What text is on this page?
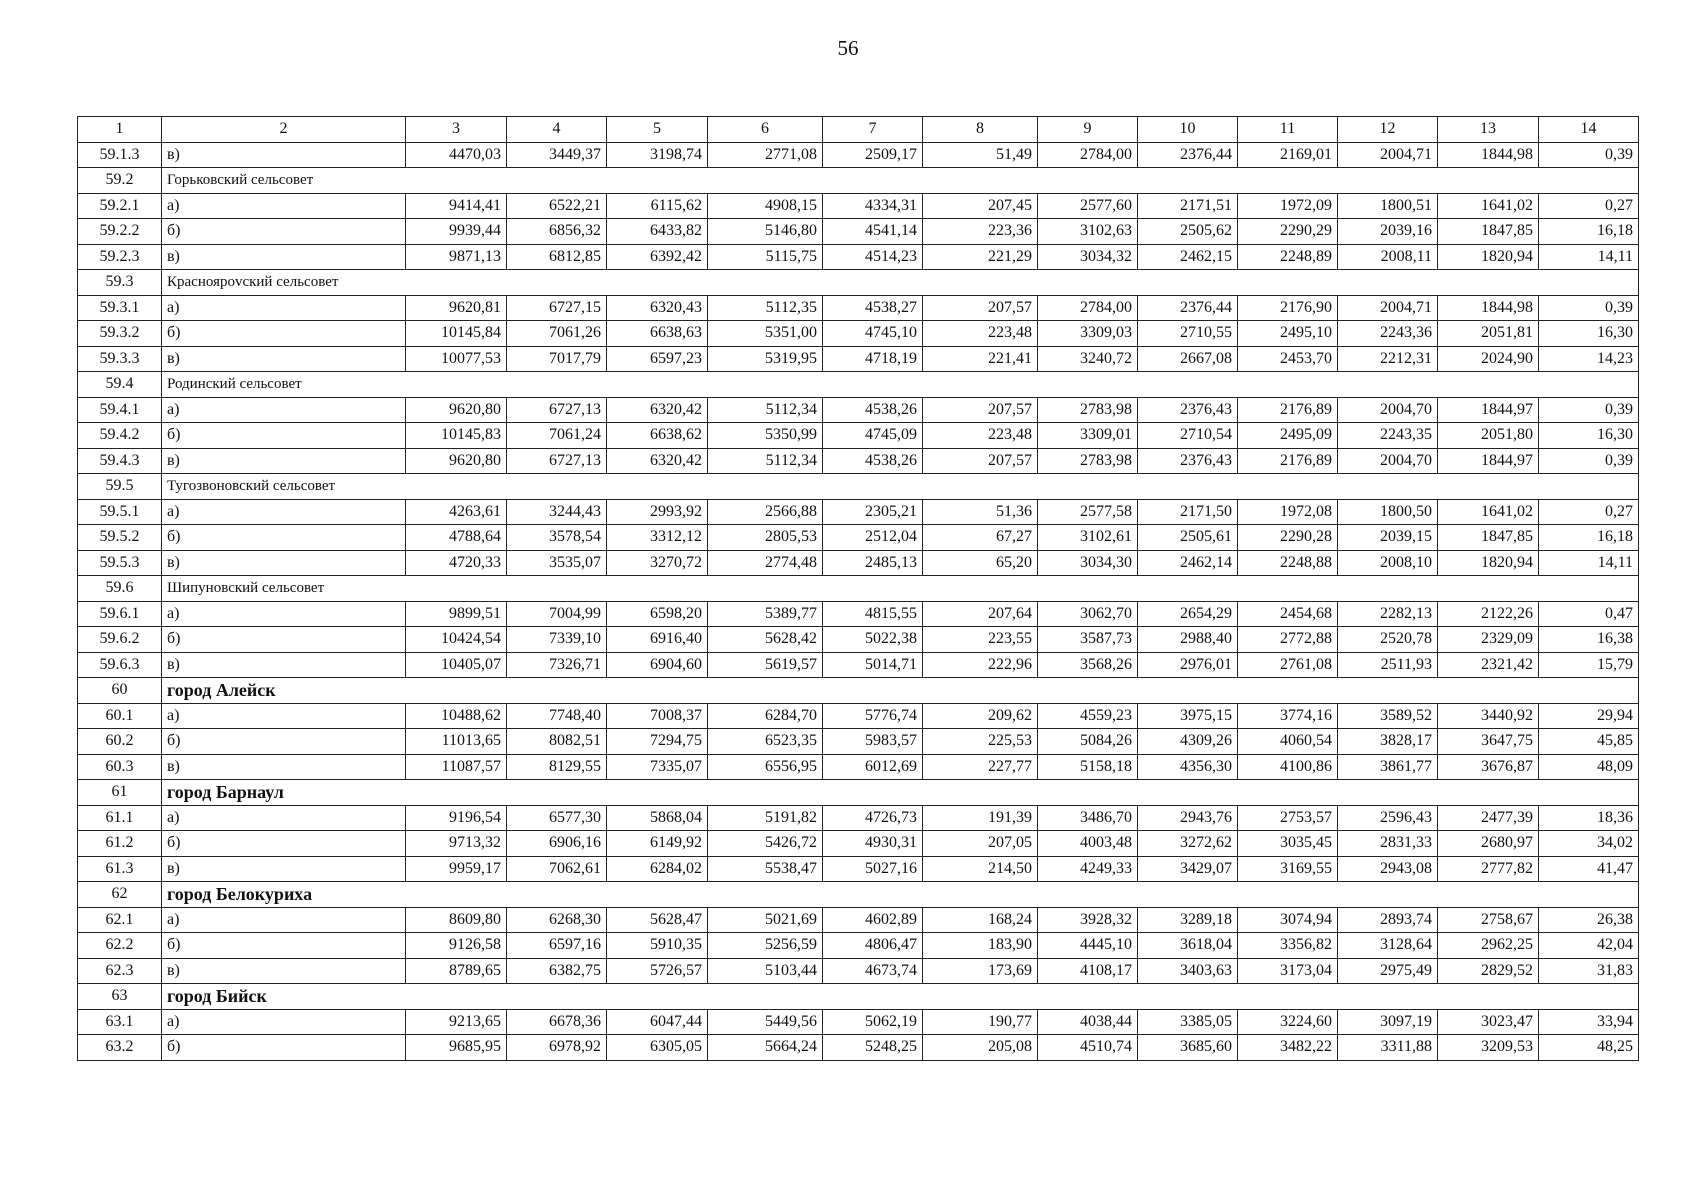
56
1	2	3	4	5	6	7	8	9	10	11	12	13	14
59.1.3	в)	4470,03	3449,37	3198,74	2771,08	2509,17	51,49	2784,00	2376,44	2169,01	2004,71	1844,98	0,39
59.2	Горьковский сельсовет												
59.2.1	а)	9414,41	6522,21	6115,62	4908,15	4334,31	207,45	2577,60	2171,51	1972,09	1800,51	1641,02	0,27
59.2.2	б)	9939,44	6856,32	6433,82	5146,80	4541,14	223,36	3102,63	2505,62	2290,29	2039,16	1847,85	16,18
59.2.3	в)	9871,13	6812,85	6392,42	5115,75	4514,23	221,29	3034,32	2462,15	2248,89	2008,11	1820,94	14,11
59.3	Красноярovский сельсовет												
59.3.1	а)	9620,81	6727,15	6320,43	5112,35	4538,27	207,57	2784,00	2376,44	2176,90	2004,71	1844,98	0,39
59.3.2	б)	10145,84	7061,26	6638,63	5351,00	4745,10	223,48	3309,03	2710,55	2495,10	2243,36	2051,81	16,30
59.3.3	в)	10077,53	7017,79	6597,23	5319,95	4718,19	221,41	3240,72	2667,08	2453,70	2212,31	2024,90	14,23
59.4	Родинский сельсовет												
59.4.1	а)	9620,80	6727,13	6320,42	5112,34	4538,26	207,57	2783,98	2376,43	2176,89	2004,70	1844,97	0,39
59.4.2	б)	10145,83	7061,24	6638,62	5350,99	4745,09	223,48	3309,01	2710,54	2495,09	2243,35	2051,80	16,30
59.4.3	в)	9620,80	6727,13	6320,42	5112,34	4538,26	207,57	2783,98	2376,43	2176,89	2004,70	1844,97	0,39
59.5	Тугозвоновский сельсовет												
59.5.1	а)	4263,61	3244,43	2993,92	2566,88	2305,21	51,36	2577,58	2171,50	1972,08	1800,50	1641,02	0,27
59.5.2	б)	4788,64	3578,54	3312,12	2805,53	2512,04	67,27	3102,61	2505,61	2290,28	2039,15	1847,85	16,18
59.5.3	в)	4720,33	3535,07	3270,72	2774,48	2485,13	65,20	3034,30	2462,14	2248,88	2008,10	1820,94	14,11
59.6	Шипуновский сельсовет												
59.6.1	а)	9899,51	7004,99	6598,20	5389,77	4815,55	207,64	3062,70	2654,29	2454,68	2282,13	2122,26	0,47
59.6.2	б)	10424,54	7339,10	6916,40	5628,42	5022,38	223,55	3587,73	2988,40	2772,88	2520,78	2329,09	16,38
59.6.3	в)	10405,07	7326,71	6904,60	5619,57	5014,71	222,96	3568,26	2976,01	2761,08	2511,93	2321,42	15,79
60	город Алейск												
60.1	а)	10488,62	7748,40	7008,37	6284,70	5776,74	209,62	4559,23	3975,15	3774,16	3589,52	3440,92	29,94
60.2	б)	11013,65	8082,51	7294,75	6523,35	5983,57	225,53	5084,26	4309,26	4060,54	3828,17	3647,75	45,85
60.3	в)	11087,57	8129,55	7335,07	6556,95	6012,69	227,77	5158,18	4356,30	4100,86	3861,77	3676,87	48,09
61	город Барнаул												
61.1	а)	9196,54	6577,30	5868,04	5191,82	4726,73	191,39	3486,70	2943,76	2753,57	2596,43	2477,39	18,36
61.2	б)	9713,32	6906,16	6149,92	5426,72	4930,31	207,05	4003,48	3272,62	3035,45	2831,33	2680,97	34,02
61.3	в)	9959,17	7062,61	6284,02	5538,47	5027,16	214,50	4249,33	3429,07	3169,55	2943,08	2777,82	41,47
62	город Белокуриха												
62.1	а)	8609,80	6268,30	5628,47	5021,69	4602,89	168,24	3928,32	3289,18	3074,94	2893,74	2758,67	26,38
62.2	б)	9126,58	6597,16	5910,35	5256,59	4806,47	183,90	4445,10	3618,04	3356,82	3128,64	2962,25	42,04
62.3	в)	8789,65	6382,75	5726,57	5103,44	4673,74	173,69	4108,17	3403,63	3173,04	2975,49	2829,52	31,83
63	город Бийск												
63.1	а)	9213,65	6678,36	6047,44	5449,56	5062,19	190,77	4038,44	3385,05	3224,60	3097,19	3023,47	33,94
63.2	б)	9685,95	6978,92	6305,05	5664,24	5248,25	205,08	4510,74	3685,60	3482,22	3311,88	3209,53	48,25
